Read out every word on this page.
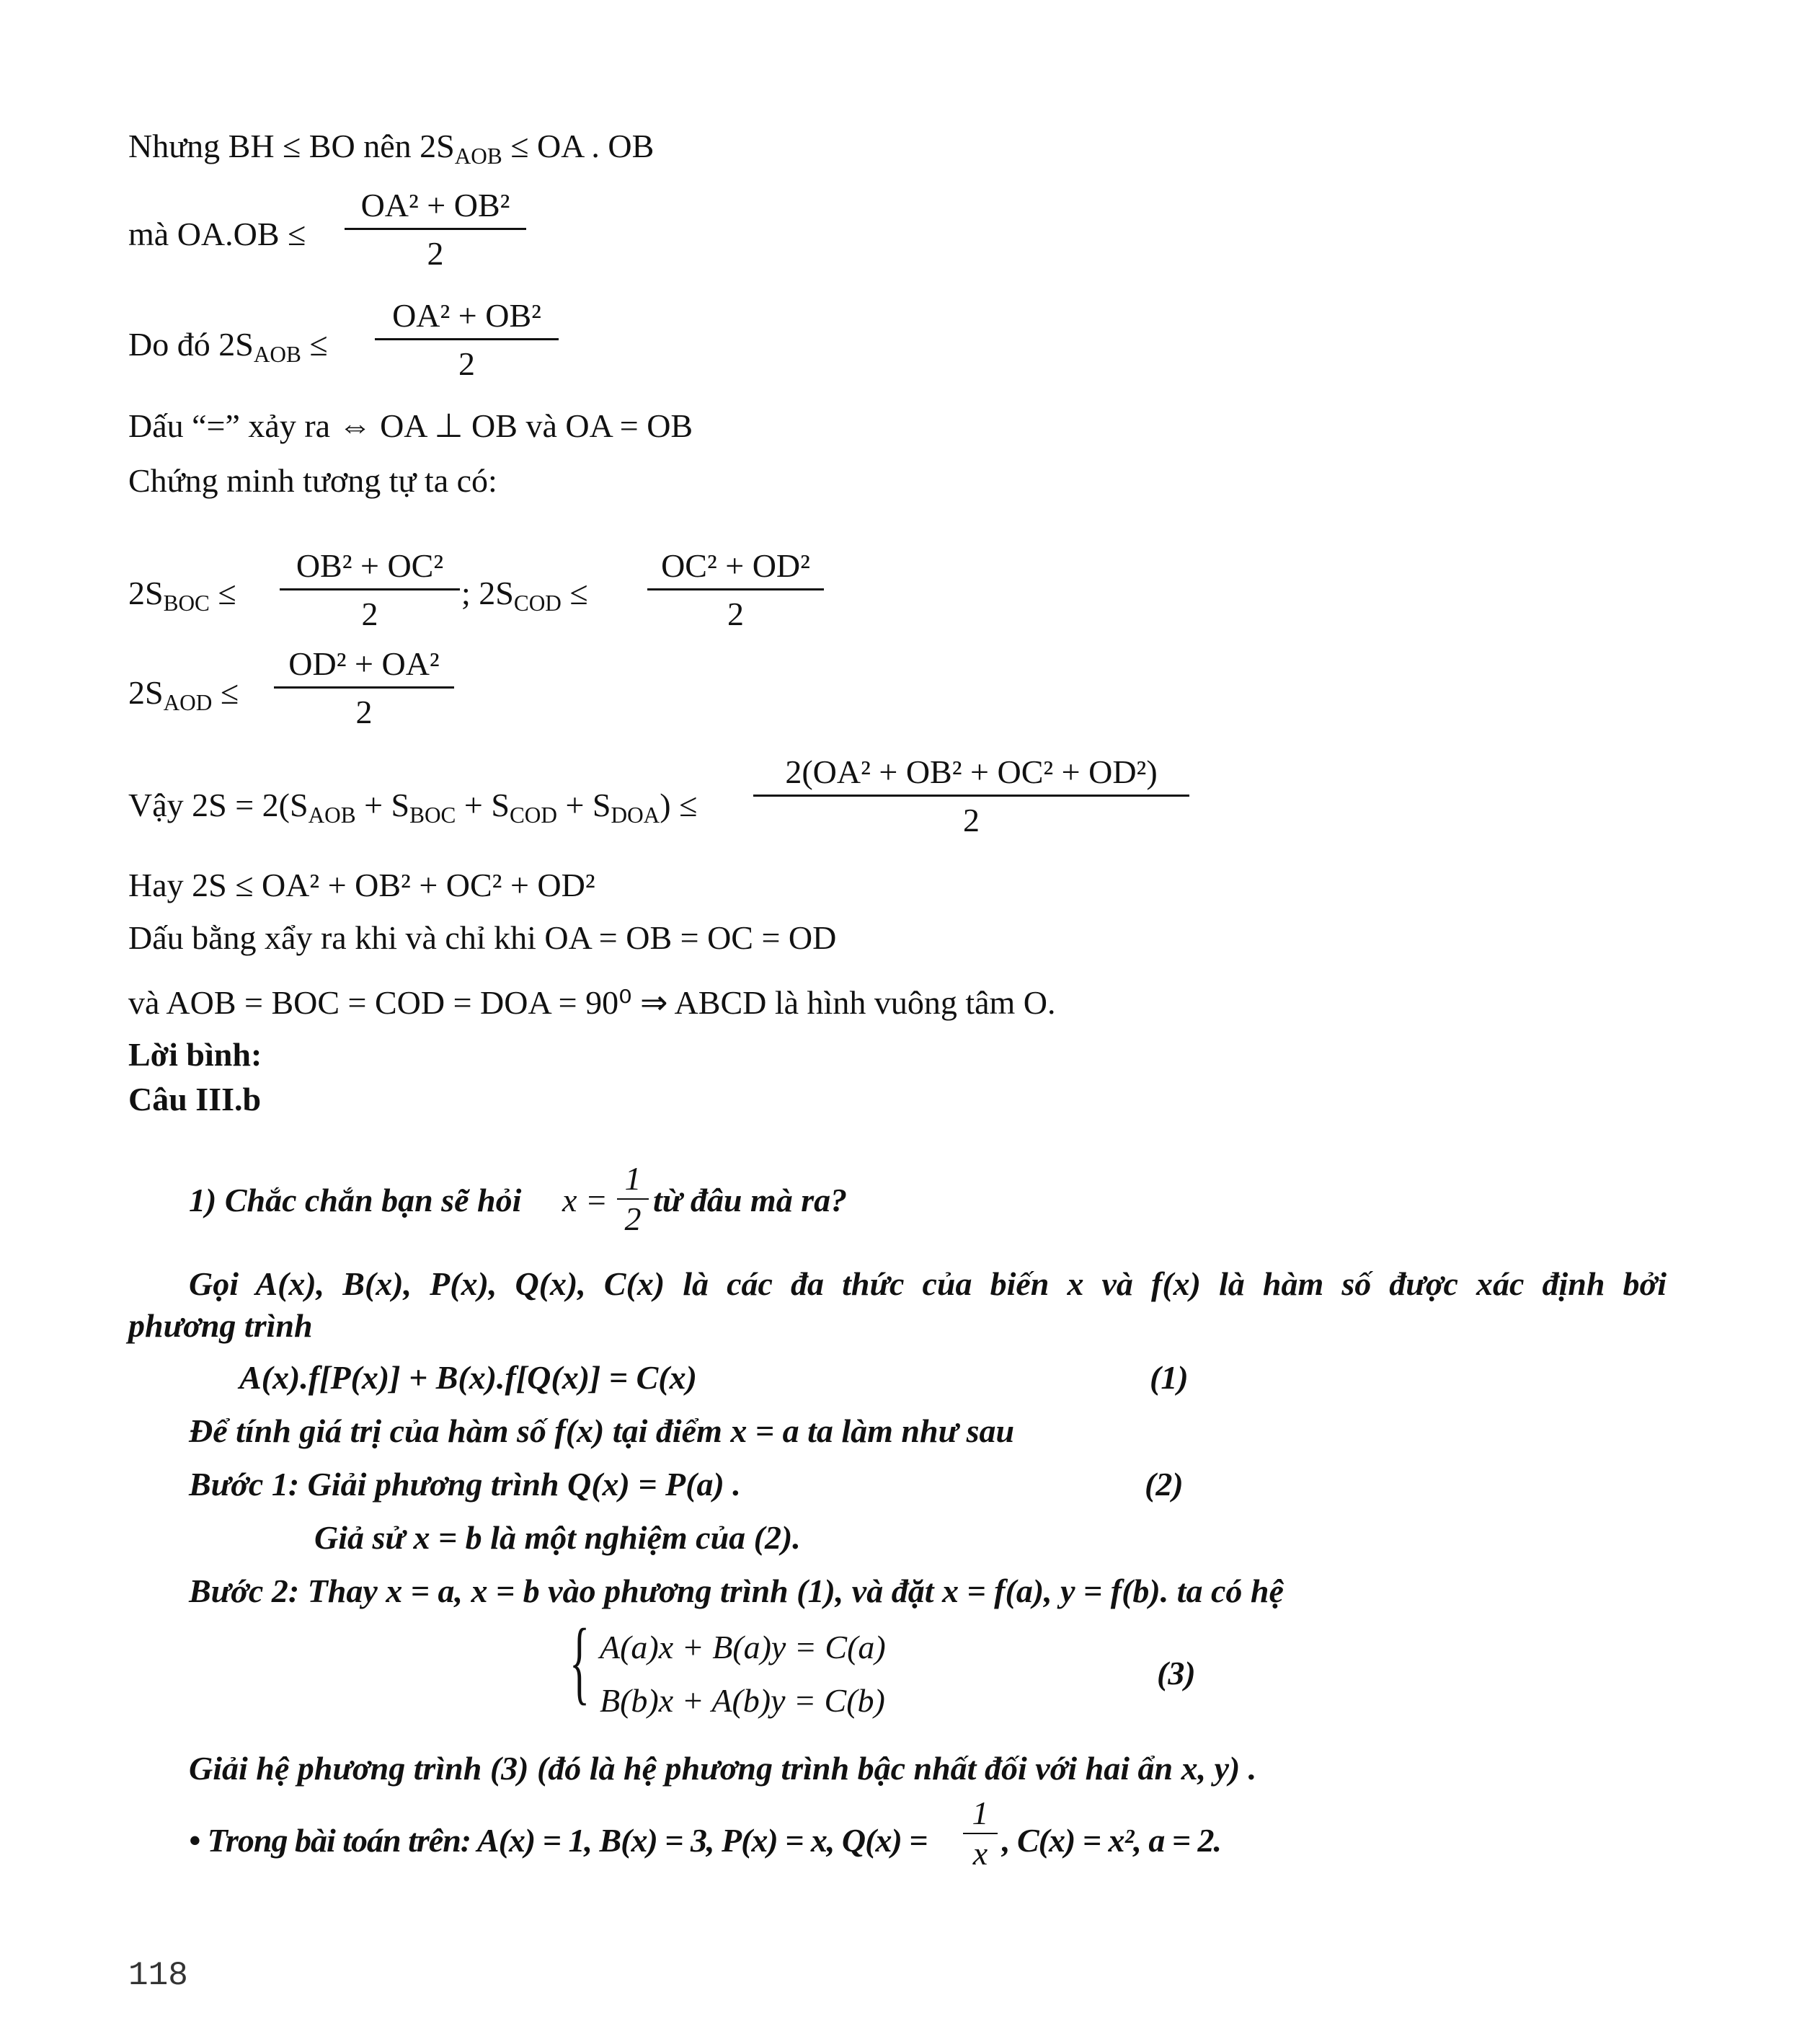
Nhưng BH ≤ BO nên $2S_{AOB}$ ≤ OA . OB
mà OA.OB ≤
OA² + OB²
2
Do đó $2S_{AOB}$ ≤
OA² + OB²
2
Dấu “=” xảy ra ⇔ OA ⊥ OB và OA = OB
Chứng minh tương tự ta có:
$2S_{BOC}$ ≤
OB² + OC²
2
; $2S_{COD}$ ≤
OC² + OD²
2
$2S_{AOD}$ ≤
OD² + OA²
2
Vậy $2S = 2(S_{AOB} + S_{BOC} + S_{COD} + S_{DOA})$ ≤
2(OA² + OB² + OC² + OD²)
2
Hay 2S ≤ OA² + OB² + OC² + OD²
Dấu bằng xẩy ra khi và chỉ khi OA = OB = OC = OD
và AOB = BOC = COD = DOA = 90⁰ ⇒ ABCD là hình vuông tâm O.
Lời bình:
Câu III.b
1) Chắc chắn bạn sẽ hỏi x =
1
2
từ đâu mà ra?
Gọi A(x), B(x), P(x), Q(x), C(x) là các đa thức của biến x và f(x) là hàm số được xác định bởi
phương trình
A(x).f[P(x)] + B(x).f[Q(x)] = C(x)	(1)
Để tính giá trị của hàm số f(x) tại điểm x = a ta làm như sau
Bước 1: Giải phương trình Q(x) = P(a) .	(2)
Giả sử x = b là một nghiệm của (2).
Bước 2: Thay x = a, x = b vào phương trình (1), và đặt x = f(a), y = f(b). ta có hệ
{ A(a)x + B(a)y = C(a)
B(b)x + A(b)y = C(b)
(3)
Giải hệ phương trình (3) (đó là hệ phương trình bậc nhất đối với hai ẩn x, y) .
• Trong bài toán trên: A(x) = 1, B(x) = 3, P(x) = x, Q(x) =
1
x , C(x) = x², a = 2.
118
